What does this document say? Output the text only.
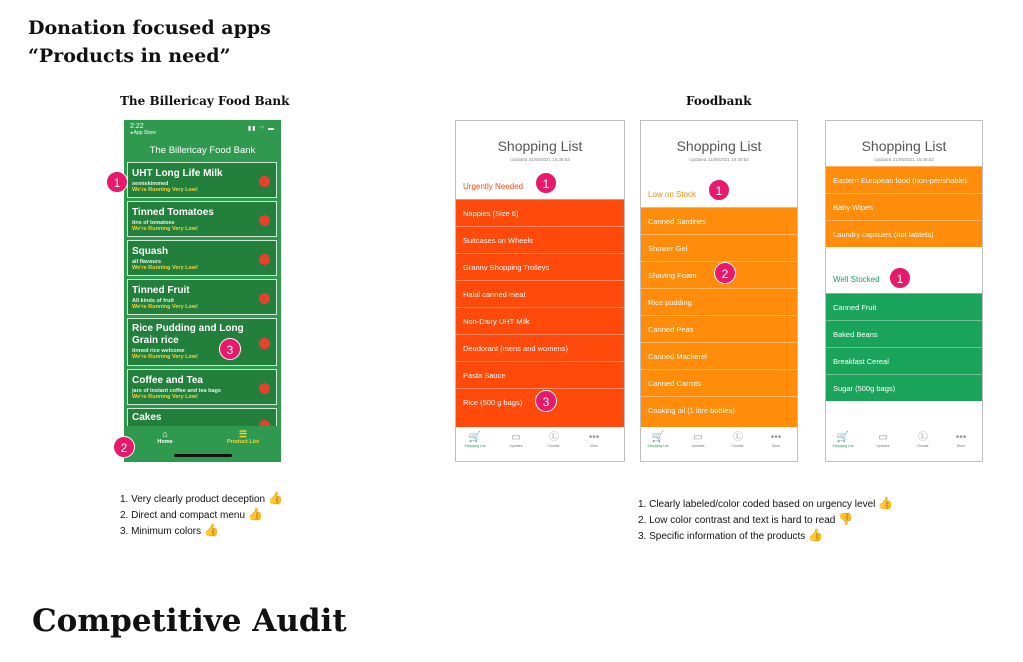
Donation focused apps
“Products in need”
The Billericay Food Bank	Foodbank
2:22
◂ App Store
▮▮ ◠ ▬
The Billericay Food Bank
UHT Long Life Milk
semiskimmed
We're Running Very Low!
Tinned Tomatoes
tins of tomatoes
We're Running Very Low!
Squash
all flavours
We're Running Very Low!
Tinned Fruit
All kinds of fruit
We're Running Very Low!
Rice Pudding and Long Grain rice
tinned rice welcome
We're Running Very Low!
Coffee and Tea
jars of instant coffee and tea bags
We're Running Very Low!
Cakes
⌂
Home
☰
Product List
1
3
2
Shopping List
Updated 31/08/2021 16:38:52
Urgently Needed
Nappies (Size 6)
Suitcases on Wheels
Granny Shopping Trolleys
Halal canned meat
Non-Dairy UHT Milk
Deodorant (mens and womens)
Pasta Sauce
Rice (500 g bags)
🛒
Shopping List
▭
Updates
Ⓛ
Donate
•••
More
1
3
Shopping List
Updated 31/08/2021 16:38:52
Low on Stock
Canned Sardines
Shower Gel
Shaving Foam
Rice pudding
Canned Peas
Canned Mackerel
Canned Carrots
Cooking oil (1 litre bottles)
🛒
Shopping List
▭
Updates
Ⓛ
Donate
•••
More
1
2
Shopping List
Updated 31/08/2021 16:38:52
Eastern European food (non-perishable)
Baby Wipes
Laundry capsules (not tablets)
Well Stocked
Canned Fruit
Baked Beans
Breakfast Cereal
Sugar (500g bags)
🛒
Shopping List
▭
Updates
Ⓛ
Donate
•••
More
1
1. Very clearly product deception 👍
2. Direct and compact menu 👍
3. Minimum colors 👍
1. Clearly labeled/color coded based on urgency level 👍
2. Low color contrast and text is hard to read 👎
3. Specific information of the products 👍
Competitive Audit
